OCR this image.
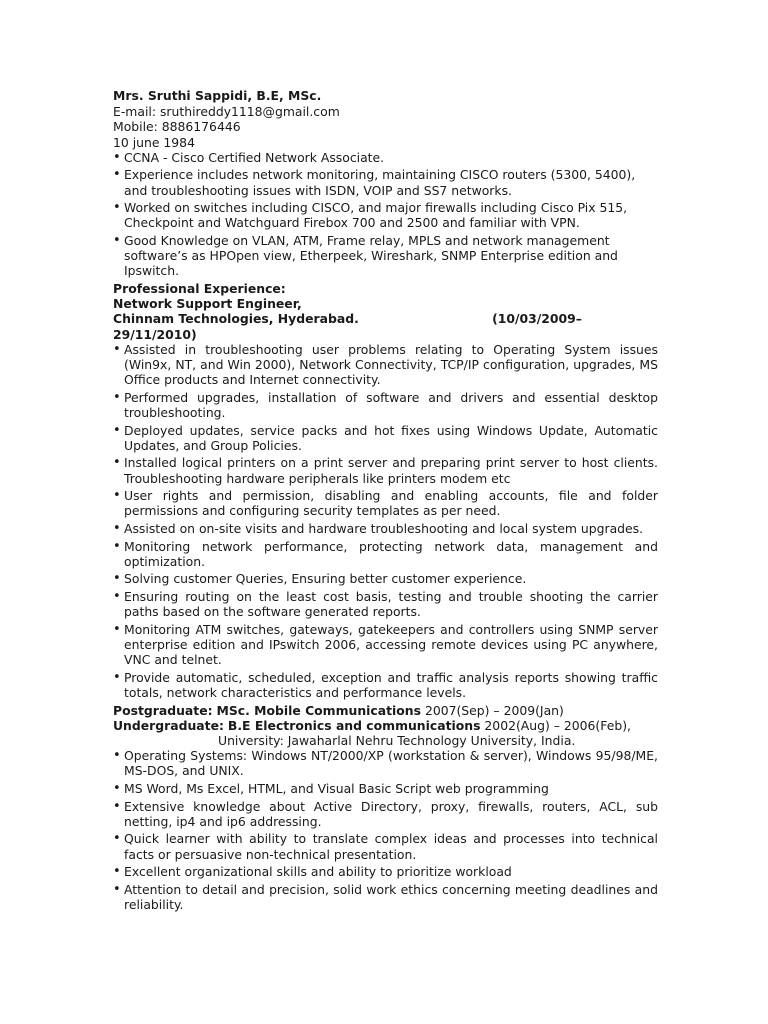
Mrs. Sruthi Sappidi, B.E, MSc.
E-mail: sruthireddy1118@gmail.com
Mobile: 8886176446
10 june 1984
• CCNA - Cisco Certified Network Associate.
• Experience includes network monitoring, maintaining CISCO routers (5300, 5400), and troubleshooting issues with ISDN, VOIP and SS7 networks.
• Worked on switches including CISCO, and major firewalls including Cisco Pix 515, Checkpoint and Watchguard Firebox 700 and 2500 and familiar with VPN.
• Good Knowledge on VLAN, ATM, Frame relay, MPLS and network management software’s as HPOpen view, Etherpeek, Wireshark, SNMP Enterprise edition and Ipswitch.
Professional Experience:
Network Support Engineer,
Chinnam Technologies, Hyderabad.	(10/03/2009–
29/11/2010)
• Assisted in troubleshooting user problems relating to Operating System issues (Win9x, NT, and Win 2000), Network Connectivity, TCP/IP configuration, upgrades, MS Office products and Internet connectivity.
• Performed upgrades, installation of software and drivers and essential desktop troubleshooting.
• Deployed updates, service packs and hot fixes using Windows Update, Automatic Updates, and Group Policies.
• Installed logical printers on a print server and preparing print server to host clients. Troubleshooting hardware peripherals like printers modem etc
• User rights and permission, disabling and enabling accounts, file and folder permissions and configuring security templates as per need.
• Assisted on on-site visits and hardware troubleshooting and local system upgrades.
• Monitoring network performance, protecting network data, management and optimization.
• Solving customer Queries, Ensuring better customer experience.
• Ensuring routing on the least cost basis, testing and trouble shooting the carrier paths based on the software generated reports.
• Monitoring ATM switches, gateways, gatekeepers and controllers using SNMP server enterprise edition and IPswitch 2006, accessing remote devices using PC anywhere, VNC and telnet.
• Provide automatic, scheduled, exception and traffic analysis reports showing traffic totals, network characteristics and performance levels.
Postgraduate: MSc. Mobile Communications 2007(Sep) – 2009(Jan)
Undergraduate: B.E Electronics and communications 2002(Aug) – 2006(Feb),
University: Jawaharlal Nehru Technology University, India.
• Operating Systems: Windows NT/2000/XP (workstation & server), Windows 95/98/ME, MS-DOS, and UNIX.
• MS Word, Ms Excel, HTML, and Visual Basic Script web programming
• Extensive knowledge about Active Directory, proxy, firewalls, routers, ACL, sub netting, ip4 and ip6 addressing.
• Quick learner with ability to translate complex ideas and processes into technical facts or persuasive non-technical presentation.
• Excellent organizational skills and ability to prioritize workload
• Attention to detail and precision, solid work ethics concerning meeting deadlines and reliability.
